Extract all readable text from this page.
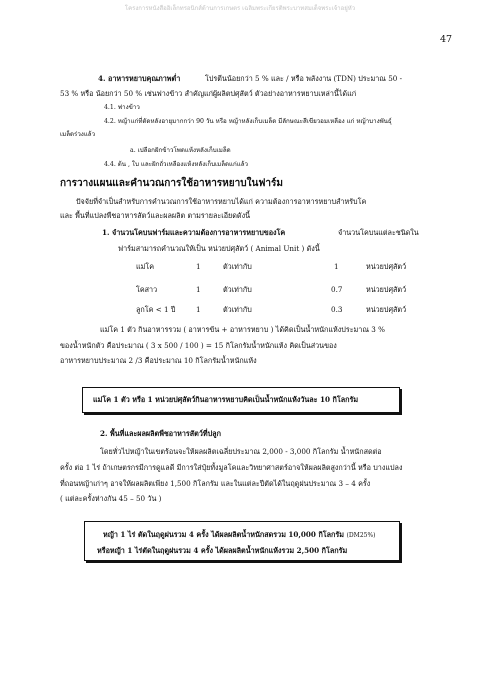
โครงการหนังสืออิเล็กทรอนิกส์ด้านการเกษตร เฉลิมพระเกียรติพระบาทสมเด็จพระเจ้าอยู่หัว
47
4. อาหารหยาบคุณภาพต่ำ	โปรตีนน้อยกว่า 5 % และ / หรือ พลังงาน (TDN) ประมาณ 50 -
53 % หรือ น้อยกว่า 50 % เช่นฟางข้าว สำคัญแก่ผู้ผลิตปศุสัตว์ ตัวอย่างอาหารหยาบเหล่านี้ได้แก่
4.1. ฟางข้าว
4.2. หญ้าแก่ที่ตัดหลังอายุมากกว่า 90 วัน หรือ หญ้าหลังเก็บเมล็ด มีลักษณะสีเขียวอมเหลือง แก่ หญ้าบางพันธุ์
เมล็ดร่วงแล้ว
a. เปลือกฝักข้าวโพดแห้งหลังเก็บเมล็ด
4.4. ต้น , ใบ และฝักถั่วเหลืองแห้งหลังเก็บเมล็ดแก่แล้ว
การวางแผนและคำนวณการใช้อาหารหยาบในฟาร์ม
ปัจจัยที่จำเป็นสำหรับการคำนวณการใช้อาหารหยาบได้แก่ ความต้องการอาหารหยาบสำหรับโค
และ พื้นที่แปลงพืชอาหารสัตว์และผลผลิต ตามรายละเอียดดังนี้
1. จำนวนโคบนฟาร์มและความต้องการอาหารหยาบของโค	จำนวนโคบนแต่ละชนิดใน
ฟาร์มสามารถคำนวณให้เป็น หน่วยปศุสัตว์ ( Animal Unit ) ดังนี้
แม่โค	1	ตัวเท่ากับ	1	หน่วยปศุสัตว์
โคสาว	1	ตัวเท่ากับ	0.7	หน่วยปศุสัตว์
ลูกโค < 1 ปี	1	ตัวเท่ากับ	0.3	หน่วยปศุสัตว์
แม่โค 1 ตัว กินอาหารรวม ( อาหารข้น + อาหารหยาบ ) ได้คิดเป็นน้ำหนักแห้งประมาณ 3 %
ของน้ำหนักตัว คือประมาณ ( 3 x 500 / 100 ) = 15 กิโลกรัมน้ำหนักแห้ง คิดเป็นส่วนของ
อาหารหยาบประมาณ 2 /3 คือประมาณ 10 กิโลกรัมน้ำหนักแห้ง
แม่โค 1 ตัว หรือ 1 หน่วยปศุสัตว์กินอาหารหยาบคิดเป็นน้ำหนักแห้งวันละ 10 กิโลกรัม
2. พื้นที่และผลผลิตพืชอาหารสัตว์ที่ปลูก
โดยทั่วไปหญ้าในเขตร้อนจะให้ผลผลิตเฉลี่ยประมาณ 2,000 - 3,000 กิโลกรัม น้ำหนักสดต่อ
ครั้ง ต่อ 1 ไร่ ถ้าเกษตรกรมีการดูแลดี มีการใส่ปุ๋ยทั้งมูลโคและวิทยาศาสตร์อาจให้ผลผลิตสูงกว่านี้ หรือ บางแปลง
ที่ถอนหญ้าเก่าๆ อาจให้ผลผลิตเพียง 1,500 กิโลกรัม และในแต่ละปีตัดได้ในฤดูฝนประมาณ 3 – 4 ครั้ง
( แต่ละครั้งห่างกัน 45 – 50 วัน )
หญ้า 1 ไร่ ตัดในฤดูฝนรวม 4 ครั้ง ได้ผลผลิตน้ำหนักสดรวม 10,000 กิโลกรัม (DM25%)
หรือหญ้า 1 ไร่ตัดในฤดูฝนรวม 4 ครั้ง ได้ผลผลิตน้ำหนักแห้งรวม 2,500 กิโลกรัม
